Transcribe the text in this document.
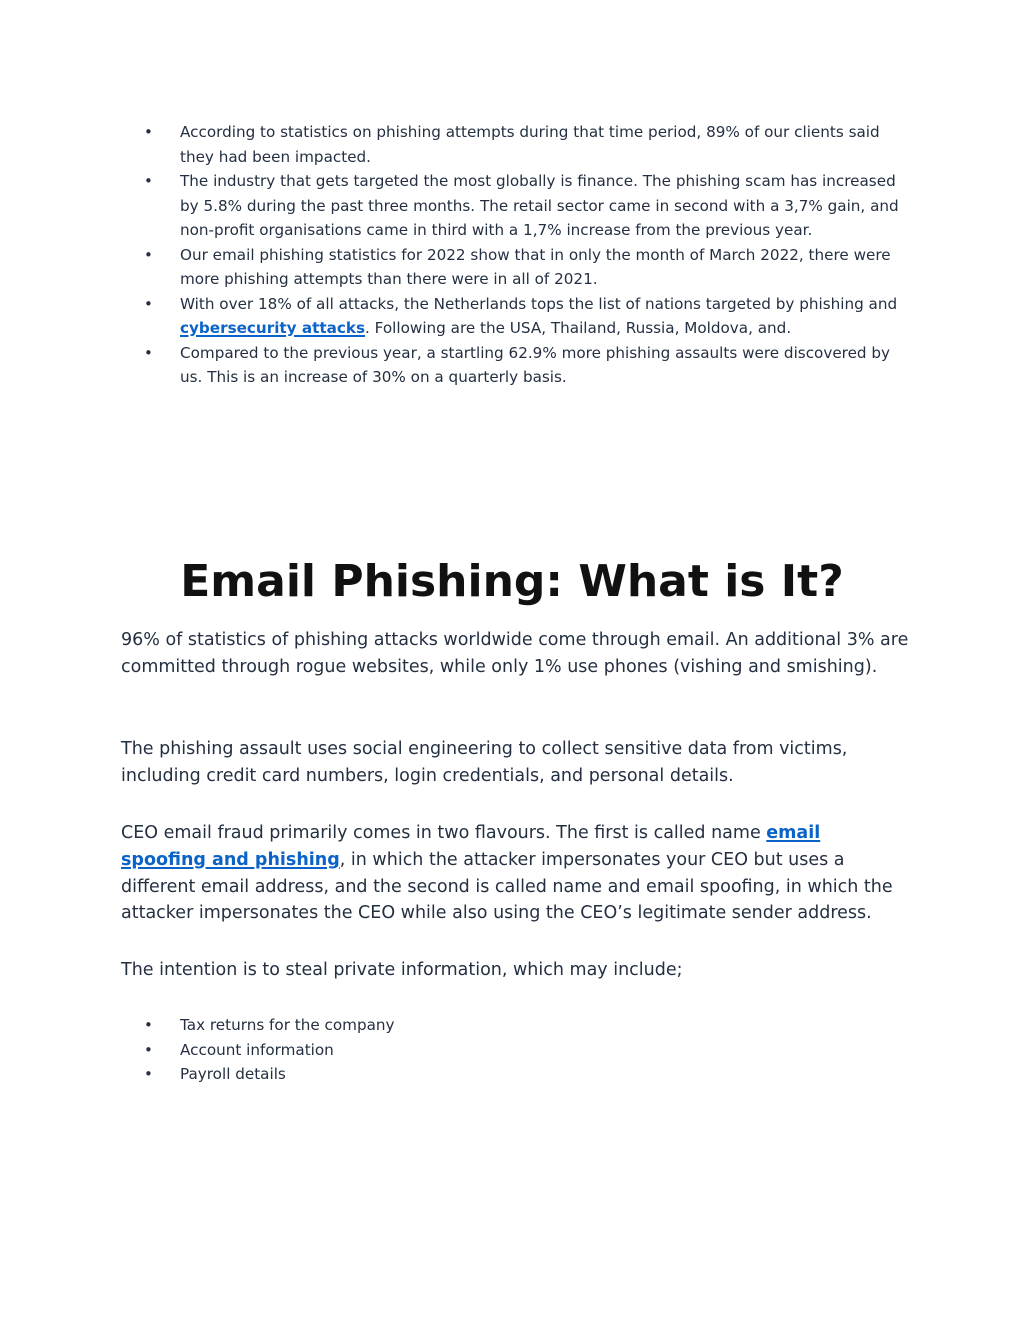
•	According to statistics on phishing attempts during that time period, 89% of our clients said they had been impacted.
•	The industry that gets targeted the most globally is finance. The phishing scam has increased by 5.8% during the past three months. The retail sector came in second with a 3,7% gain, and non-profit organisations came in third with a 1,7% increase from the previous year.
•	Our email phishing statistics for 2022 show that in only the month of March 2022, there were more phishing attempts than there were in all of 2021.
•	With over 18% of all attacks, the Netherlands tops the list of nations targeted by phishing and cybersecurity attacks. Following are the USA, Thailand, Russia, Moldova, and.
•	Compared to the previous year, a startling 62.9% more phishing assaults were discovered by us. This is an increase of 30% on a quarterly basis.
Email Phishing: What is It?

96% of statistics of phishing attacks worldwide come through email. An additional 3% are committed through rogue websites, while only 1% use phones (vishing and smishing).

The phishing assault uses social engineering to collect sensitive data from victims, including credit card numbers, login credentials, and personal details.

CEO email fraud primarily comes in two flavours. The first is called name email spoofing and phishing, in which the attacker impersonates your CEO but uses a different email address, and the second is called name and email spoofing, in which the attacker impersonates the CEO while also using the CEO’s legitimate sender address.

The intention is to steal private information, which may include;

•	Tax returns for the company
•	Account information
•	Payroll details
